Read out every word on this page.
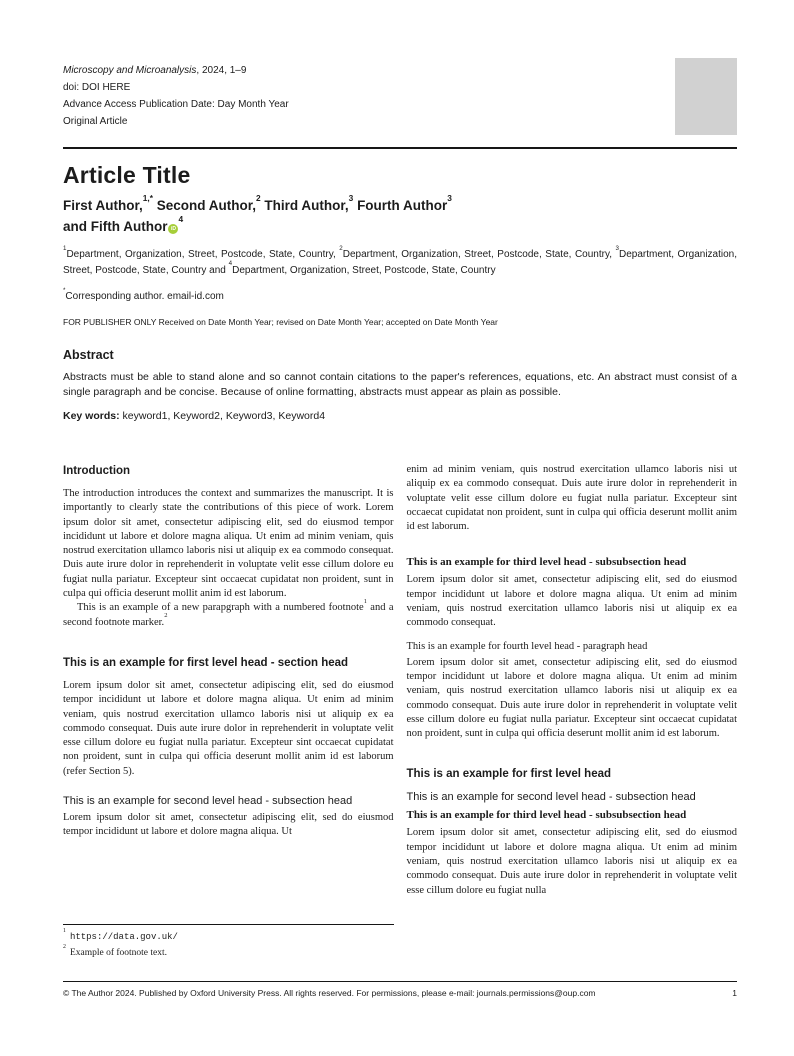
Microscopy and Microanalysis, 2024, 1–9
doi: DOI HERE
Advance Access Publication Date: Day Month Year
Original Article
Article Title
First Author,$^{1,*}$ Second Author,$^2$ Third Author,$^3$ Fourth Author$^3$
and Fifth Author $iD^4$

$^1$Department, Organization, Street, Postcode, State, Country, $^2$Department, Organization, Street, Postcode, State, Country, $^3$Department, Organization, Street, Postcode, State, Country and $^4$Department, Organization, Street, Postcode, State, Country

*Corresponding author. email-id.com

FOR PUBLISHER ONLY Received on Date Month Year; revised on Date Month Year; accepted on Date Month Year

Abstract

Abstracts must be able to stand alone and so cannot contain citations to the paper's references, equations, etc. An abstract must consist of a single paragraph and be concise. Because of online formatting, abstracts must appear as plain as possible.

Key words: keyword1, Keyword2, Keyword3, Keyword4

Introduction
The introduction introduces the context and summarizes the manuscript. It is importantly to clearly state the contributions of this piece of work. Lorem ipsum dolor sit amet, consectetur adipiscing elit, sed do eiusmod tempor incididunt ut labore et dolore magna aliqua. Ut enim ad minim veniam, quis nostrud exercitation ullamco laboris nisi ut aliquip ex ea commodo consequat. Duis aute irure dolor in reprehenderit in voluptate velit esse cillum dolore eu fugiat nulla pariatur. Excepteur sint occaecat cupidatat non proident, sunt in culpa qui officia deserunt mollit anim id est laborum.
This is an example of a new parapgraph with a numbered footnote$^1$ and a second footnote marker.$^2$
This is an example for first level head - section head
Lorem ipsum dolor sit amet, consectetur adipiscing elit, sed do eiusmod tempor incididunt ut labore et dolore magna aliqua. Ut enim ad minim veniam, quis nostrud exercitation ullamco laboris nisi ut aliquip ex ea commodo consequat. Duis aute irure dolor in reprehenderit in voluptate velit esse cillum dolore eu fugiat nulla pariatur. Excepteur sint occaecat cupidatat non proident, sunt in culpa qui officia deserunt mollit anim id est laborum (refer Section 5).
This is an example for second level head - subsection head
Lorem ipsum dolor sit amet, consectetur adipiscing elit, sed do eiusmod tempor incididunt ut labore et dolore magna aliqua. Ut
enim ad minim veniam, quis nostrud exercitation ullamco laboris nisi ut aliquip ex ea commodo consequat. Duis aute irure dolor in reprehenderit in voluptate velit esse cillum dolore eu fugiat nulla pariatur. Excepteur sint occaecat cupidatat non proident, sunt in culpa qui officia deserunt mollit anim id est laborum.
This is an example for third level head - subsubsection head
Lorem ipsum dolor sit amet, consectetur adipiscing elit, sed do eiusmod tempor incididunt ut labore et dolore magna aliqua. Ut enim ad minim veniam, quis nostrud exercitation ullamco laboris nisi ut aliquip ex ea commodo consequat.
This is an example for fourth level head - paragraph head
Lorem ipsum dolor sit amet, consectetur adipiscing elit, sed do eiusmod tempor incididunt ut labore et dolore magna aliqua. Ut enim ad minim veniam, quis nostrud exercitation ullamco laboris nisi ut aliquip ex ea commodo consequat. Duis aute irure dolor in reprehenderit in voluptate velit esse cillum dolore eu fugiat nulla pariatur. Excepteur sint occaecat cupidatat non proident, sunt in culpa qui officia deserunt mollit anim id est laborum.
This is an example for first level head
This is an example for second level head - subsection head
This is an example for third level head - subsubsection head
Lorem ipsum dolor sit amet, consectetur adipiscing elit, sed do eiusmod tempor incididunt ut labore et dolore magna aliqua. Ut enim ad minim veniam, quis nostrud exercitation ullamco laboris nisi ut aliquip ex ea commodo consequat. Duis aute irure dolor in reprehenderit in voluptate velit esse cillum dolore eu fugiat nulla
$^1$https://data.gov.uk/
$^2$Example of footnote text.
© The Author 2024. Published by Oxford University Press. All rights reserved. For permissions, please e-mail: journals.permissions@oup.com	1
